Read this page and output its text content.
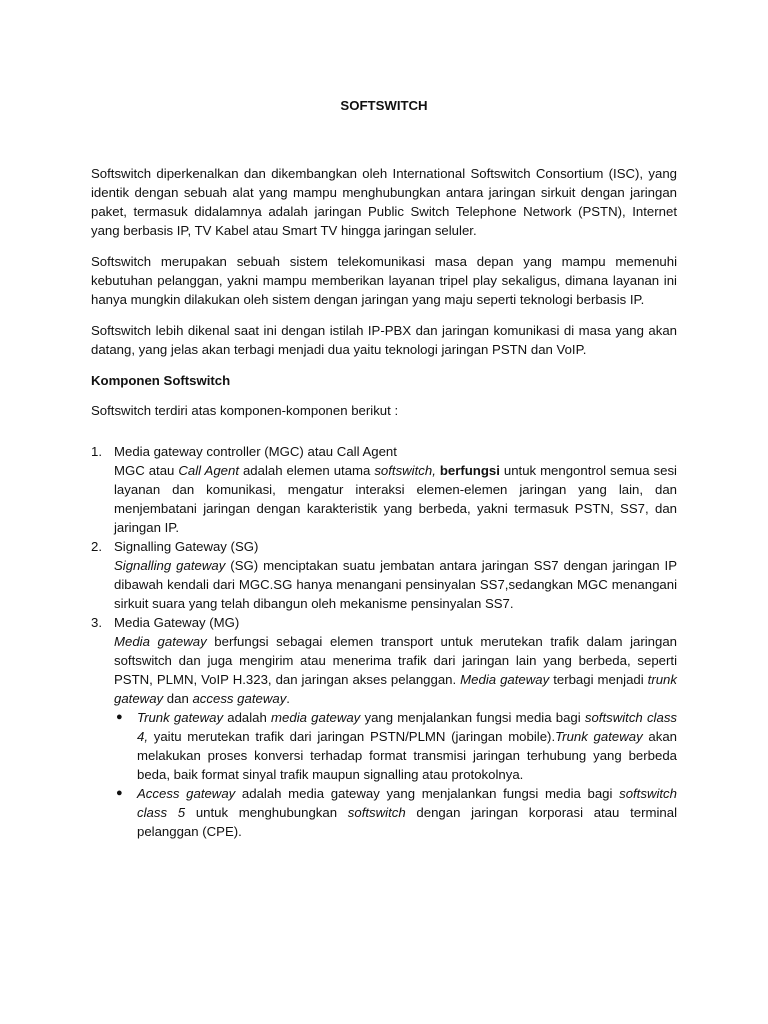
SOFTSWITCH

Softswitch diperkenalkan dan dikembangkan oleh International Softswitch Consortium (ISC), yang identik dengan sebuah alat yang mampu menghubungkan antara jaringan sirkuit dengan jaringan paket, termasuk didalamnya adalah jaringan Public Switch Telephone Network (PSTN), Internet yang berbasis IP, TV Kabel atau Smart TV hingga jaringan seluler.

Softswitch merupakan sebuah sistem telekomunikasi masa depan yang mampu memenuhi kebutuhan pelanggan, yakni mampu memberikan layanan tripel play sekaligus, dimana layanan ini hanya mungkin dilakukan oleh sistem dengan jaringan yang maju seperti teknologi berbasis IP.

Softswitch lebih dikenal saat ini dengan istilah IP-PBX dan jaringan komunikasi di masa yang akan datang, yang jelas akan terbagi menjadi dua yaitu teknologi jaringan PSTN dan VoIP.

Komponen Softswitch
Softswitch terdiri atas komponen-komponen berikut :
1. Media gateway controller (MGC) atau Call Agent
MGC atau Call Agent adalah elemen utama softswitch, berfungsi untuk mengontrol semua sesi layanan dan komunikasi, mengatur interaksi elemen-elemen jaringan yang lain, dan menjembatani jaringan dengan karakteristik yang berbeda, yakni termasuk PSTN, SS7, dan jaringan IP.
2. Signalling Gateway (SG)
Signalling gateway (SG) menciptakan suatu jembatan antara jaringan SS7 dengan jaringan IP dibawah kendali dari MGC.SG hanya menangani pensinyalan SS7,sedangkan MGC menangani sirkuit suara yang telah dibangun oleh mekanisme pensinyalan SS7.
3. Media Gateway (MG)
Media gateway berfungsi sebagai elemen transport untuk merutekan trafik dalam jaringan softswitch dan juga mengirim atau menerima trafik dari jaringan lain yang berbeda, seperti PSTN, PLMN, VoIP H.323, dan jaringan akses pelanggan. Media gateway terbagi menjadi trunk gateway dan access gateway.
● Trunk gateway adalah media gateway yang menjalankan fungsi media bagi softswitch class 4, yaitu merutekan trafik dari jaringan PSTN/PLMN (jaringan mobile).Trunk gateway akan melakukan proses konversi terhadap format transmisi jaringan terhubung yang berbeda beda, baik format sinyal trafik maupun signalling atau protokolnya.
● Access gateway adalah media gateway yang menjalankan fungsi media bagi softswitch class 5 untuk menghubungkan softswitch dengan jaringan korporasi atau terminal pelanggan (CPE).
